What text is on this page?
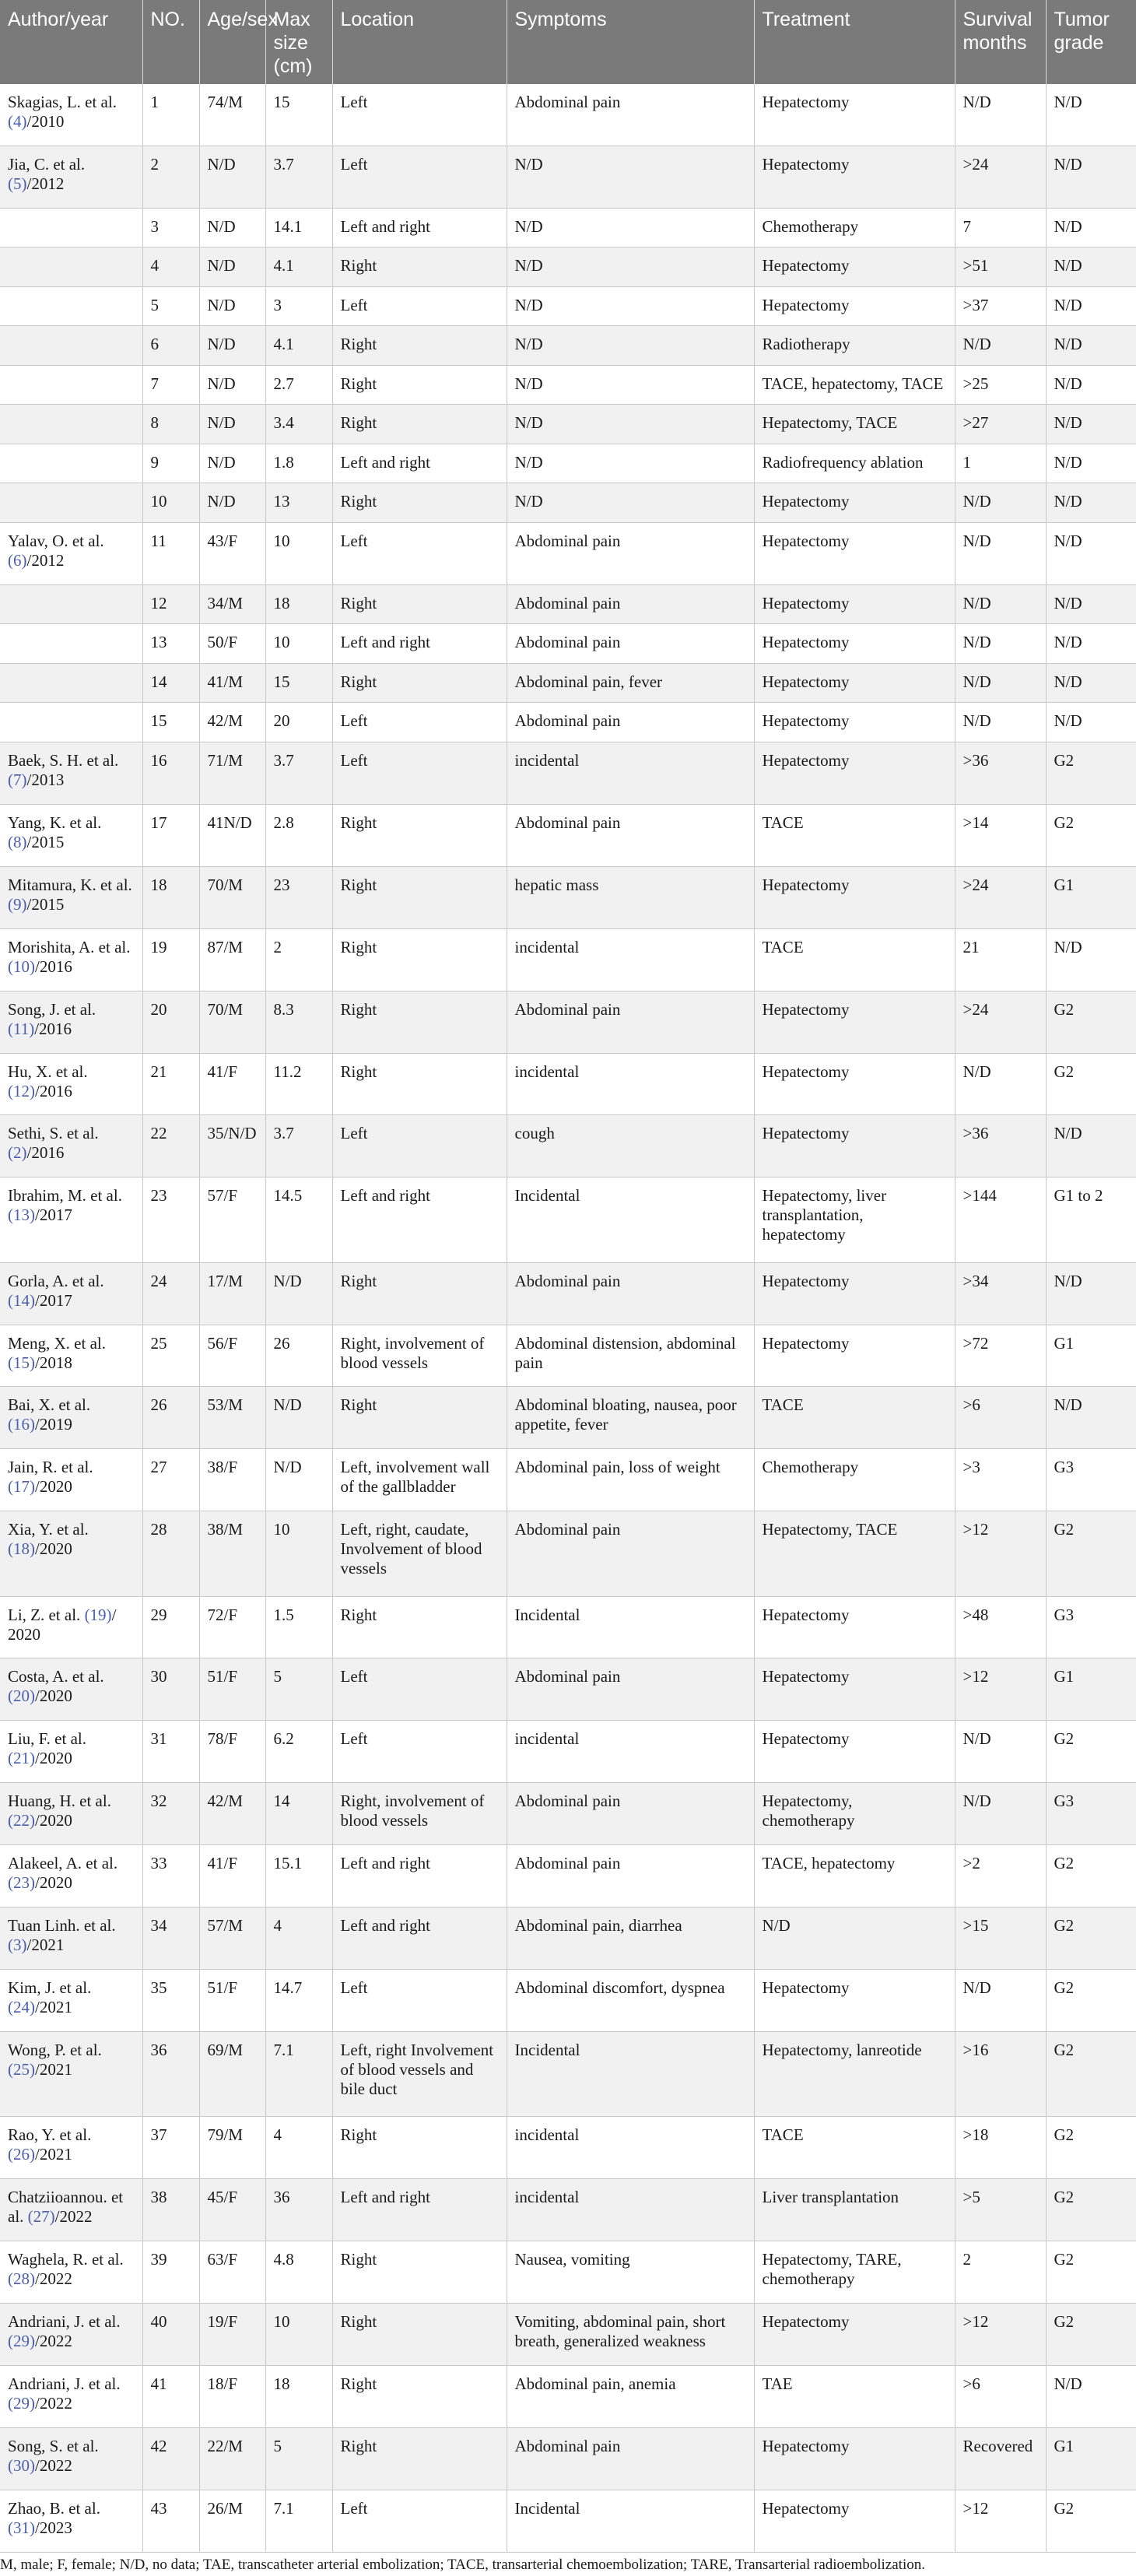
Author/year	NO.	Age/sex	Max size (cm)	Location	Symptoms	Treatment	Survival months	Tumor grade
Skagias, L. et al. (4)/2010	1	74/M	15	Left	Abdominal pain	Hepatectomy	N/D	N/D
Jia, C. et al. (5)/2012	2	N/D	3.7	Left	N/D	Hepatectomy	>24	N/D
	3	N/D	14.1	Left and right	N/D	Chemotherapy	7	N/D
	4	N/D	4.1	Right	N/D	Hepatectomy	>51	N/D
	5	N/D	3	Left	N/D	Hepatectomy	>37	N/D
	6	N/D	4.1	Right	N/D	Radiotherapy	N/D	N/D
	7	N/D	2.7	Right	N/D	TACE, hepatectomy, TACE	>25	N/D
	8	N/D	3.4	Right	N/D	Hepatectomy, TACE	>27	N/D
	9	N/D	1.8	Left and right	N/D	Radiofrequency ablation	1	N/D
	10	N/D	13	Right	N/D	Hepatectomy	N/D	N/D
Yalav, O. et al. (6)/2012	11	43/F	10	Left	Abdominal pain	Hepatectomy	N/D	N/D
	12	34/M	18	Right	Abdominal pain	Hepatectomy	N/D	N/D
	13	50/F	10	Left and right	Abdominal pain	Hepatectomy	N/D	N/D
	14	41/M	15	Right	Abdominal pain, fever	Hepatectomy	N/D	N/D
	15	42/M	20	Left	Abdominal pain	Hepatectomy	N/D	N/D
Baek, S. H. et al. (7)/2013	16	71/M	3.7	Left	incidental	Hepatectomy	>36	G2
Yang, K. et al. (8)/2015	17	41N/D	2.8	Right	Abdominal pain	TACE	>14	G2
Mitamura, K. et al. (9)/2015	18	70/M	23	Right	hepatic mass	Hepatectomy	>24	G1
Morishita, A. et al. (10)/2016	19	87/M	2	Right	incidental	TACE	21	N/D
Song, J. et al. (11)/2016	20	70/M	8.3	Right	Abdominal pain	Hepatectomy	>24	G2
Hu, X. et al. (12)/2016	21	41/F	11.2	Right	incidental	Hepatectomy	N/D	G2
Sethi, S. et al. (2)/2016	22	35/N/D	3.7	Left	cough	Hepatectomy	>36	N/D
Ibrahim, M. et al. (13)/2017	23	57/F	14.5	Left and right	Incidental	Hepatectomy, liver transplantation, hepatectomy	>144	G1 to 2
Gorla, A. et al. (14)/2017	24	17/M	N/D	Right	Abdominal pain	Hepatectomy	>34	N/D
Meng, X. et al. (15)/2018	25	56/F	26	Right, involvement of blood vessels	Abdominal distension, abdominal pain	Hepatectomy	>72	G1
Bai, X. et al. (16)/2019	26	53/M	N/D	Right	Abdominal bloating, nausea, poor appetite, fever	TACE	>6	N/D
Jain, R. et al. (17)/2020	27	38/F	N/D	Left, involvement wall of the gallbladder	Abdominal pain, loss of weight	Chemotherapy	>3	G3
Xia, Y. et al. (18)/2020	28	38/M	10	Left, right, caudate, Involvement of blood vessels	Abdominal pain	Hepatectomy, TACE	>12	G2
Li, Z. et al. (19)/ 2020	29	72/F	1.5	Right	Incidental	Hepatectomy	>48	G3
Costa, A. et al. (20)/2020	30	51/F	5	Left	Abdominal pain	Hepatectomy	>12	G1
Liu, F. et al. (21)/2020	31	78/F	6.2	Left	incidental	Hepatectomy	N/D	G2
Huang, H. et al. (22)/2020	32	42/M	14	Right, involvement of blood vessels	Abdominal pain	Hepatectomy, chemotherapy	N/D	G3
Alakeel, A. et al. (23)/2020	33	41/F	15.1	Left and right	Abdominal pain	TACE, hepatectomy	>2	G2
Tuan Linh. et al. (3)/2021	34	57/M	4	Left and right	Abdominal pain, diarrhea	N/D	>15	G2
Kim, J. et al. (24)/2021	35	51/F	14.7	Left	Abdominal discomfort, dyspnea	Hepatectomy	N/D	G2
Wong, P. et al. (25)/2021	36	69/M	7.1	Left, right Involvement of blood vessels and bile duct	Incidental	Hepatectomy, lanreotide	>16	G2
Rao, Y. et al. (26)/2021	37	79/M	4	Right	incidental	TACE	>18	G2
Chatziioannou. et al. (27)/2022	38	45/F	36	Left and right	incidental	Liver transplantation	>5	G2
Waghela, R. et al. (28)/2022	39	63/F	4.8	Right	Nausea, vomiting	Hepatectomy, TARE, chemotherapy	2	G2
Andriani, J. et al. (29)/2022	40	19/F	10	Right	Vomiting, abdominal pain, short breath, generalized weakness	Hepatectomy	>12	G2
Andriani, J. et al. (29)/2022	41	18/F	18	Right	Abdominal pain, anemia	TAE	>6	N/D
Song, S. et al. (30)/2022	42	22/M	5	Right	Abdominal pain	Hepatectomy	Recovered	G1
Zhao, B. et al. (31)/2023	43	26/M	7.1	Left	Incidental	Hepatectomy	>12	G2
M, male; F, female; N/D, no data; TAE, transcatheter arterial embolization; TACE, transarterial chemoembolization; TARE, Transarterial radioembolization.
